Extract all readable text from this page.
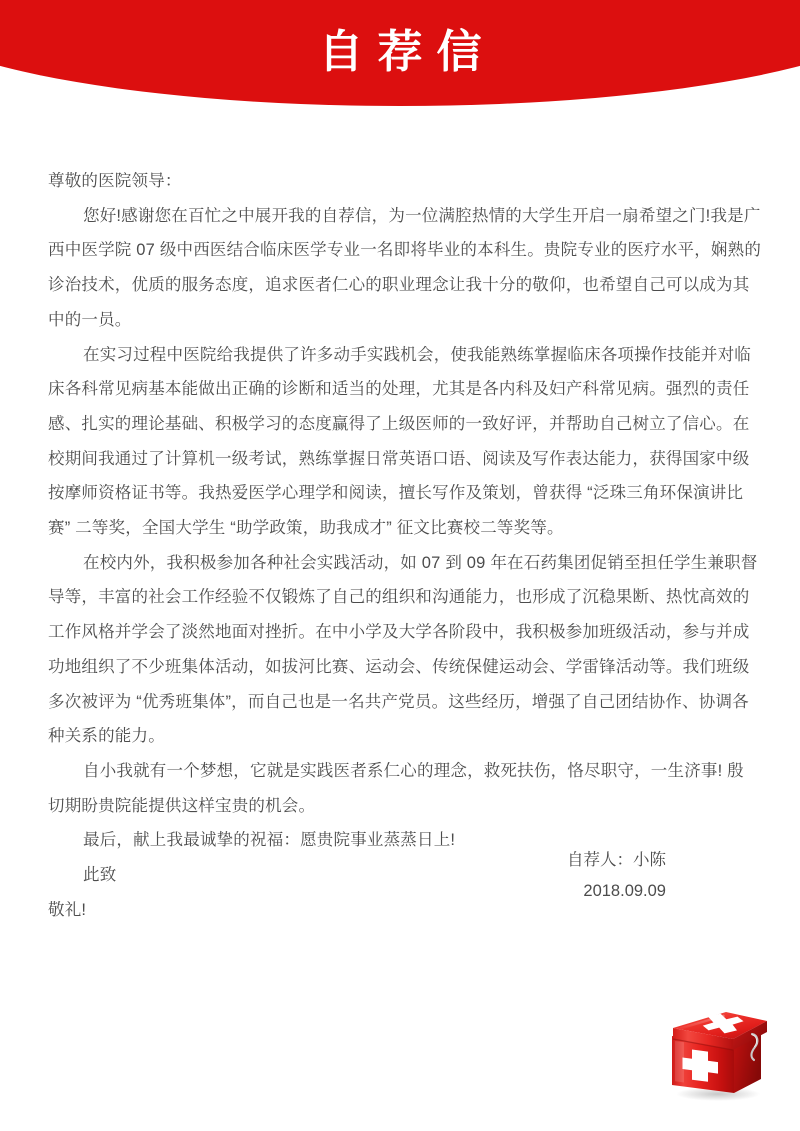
自荐信
尊敬的医院领导：
您好!感谢您在百忙之中展开我的自荐信，为一位满腔热情的大学生开启一扇希望之门!我是广
西中医学院 07 级中西医结合临床医学专业一名即将毕业的本科生。贵院专业的医疗水平，娴熟的
诊治技术，优质的服务态度，追求医者仁心的职业理念让我十分的敬仰，也希望自己可以成为其
中的一员。
在实习过程中医院给我提供了许多动手实践机会，使我能熟练掌握临床各项操作技能并对临
床各科常见病基本能做出正确的诊断和适当的处理，尤其是各内科及妇产科常见病。强烈的责任
感、扎实的理论基础、积极学习的态度赢得了上级医师的一致好评，并帮助自己树立了信心。在
校期间我通过了计算机一级考试，熟练掌握日常英语口语、阅读及写作表达能力，获得国家中级
按摩师资格证书等。我热爱医学心理学和阅读，擅长写作及策划，曾获得 “泛珠三角环保演讲比
赛” 二等奖，全国大学生 “助学政策，助我成才” 征文比赛校二等奖等。
在校内外，我积极参加各种社会实践活动，如 07 到 09 年在石药集团促销至担任学生兼职督
导等，丰富的社会工作经验不仅锻炼了自己的组织和沟通能力，也形成了沉稳果断、热忱高效的
工作风格并学会了淡然地面对挫折。在中小学及大学各阶段中，我积极参加班级活动，参与并成
功地组织了不少班集体活动，如拔河比赛、运动会、传统保健运动会、学雷锋活动等。我们班级
多次被评为 “优秀班集体”，而自己也是一名共产党员。这些经历，增强了自己团结协作、协调各
种关系的能力。
自小我就有一个梦想，它就是实践医者系仁心的理念，救死扶伤，恪尽职守，一生济事! 殷
切期盼贵院能提供这样宝贵的机会。
最后，献上我最诚挚的祝福：愿贵院事业蒸蒸日上!
此致
敬礼!
自荐人：小陈
2018.09.09
